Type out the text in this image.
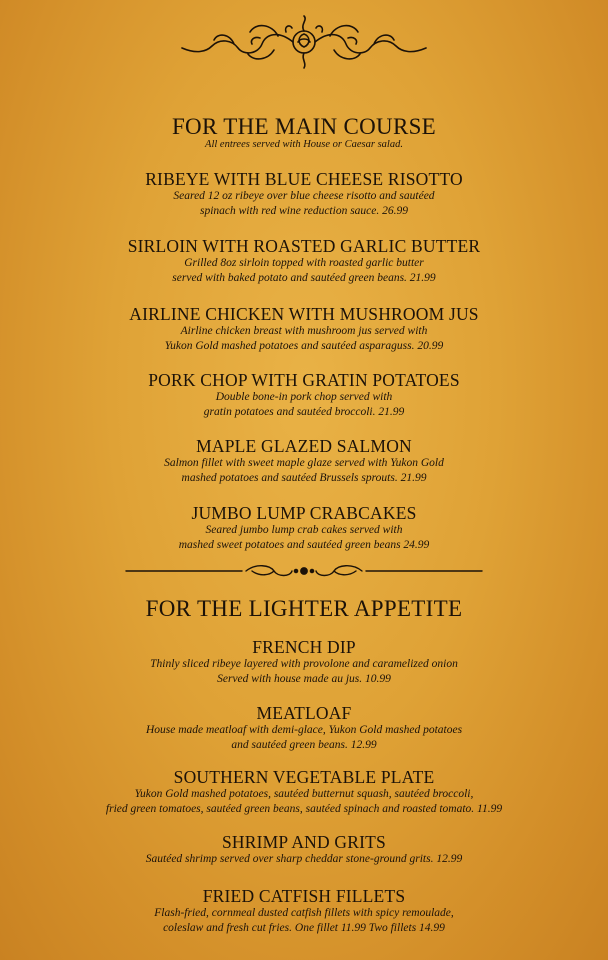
FOR THE MAIN COURSE
All entrees served with House or Caesar salad.
RIBEYE WITH BLUE CHEESE RISOTTO
Seared 12 oz ribeye over blue cheese risotto and sautéed
spinach with red wine reduction sauce. 26.99
SIRLOIN WITH ROASTED GARLIC BUTTER
Grilled 8oz sirloin topped with roasted garlic butter
served with baked potato and sautéed green beans. 21.99
AIRLINE CHICKEN WITH MUSHROOM JUS
Airline chicken breast with mushroom jus served with
Yukon Gold mashed potatoes and sautéed asparaguss. 20.99
PORK CHOP WITH GRATIN POTATOES
Double bone-in pork chop served with
gratin potatoes and sautéed broccoli. 21.99
MAPLE GLAZED SALMON
Salmon fillet with sweet maple glaze served with Yukon Gold
mashed potatoes and sautéed Brussels sprouts. 21.99
JUMBO LUMP CRABCAKES
Seared jumbo lump crab cakes served with
mashed sweet potatoes and sautéed green beans 24.99
FOR THE LIGHTER APPETITE
FRENCH DIP
Thinly sliced ribeye layered with provolone and caramelized onion
Served with house made au jus. 10.99
MEATLOAF
House made meatloaf with demi-glace, Yukon Gold mashed potatoes
and sautéed green beans. 12.99
SOUTHERN VEGETABLE PLATE
Yukon Gold mashed potatoes, sautéed butternut squash, sautéed broccoli,
fried green tomatoes, sautéed green beans, sautéed spinach and roasted tomato. 11.99
SHRIMP AND GRITS
Sautéed shrimp served over sharp cheddar stone-ground grits. 12.99
FRIED CATFISH FILLETS
Flash-fried, cornmeal dusted catfish fillets with spicy remoulade,
coleslaw and fresh cut fries. One fillet 11.99 Two fillets 14.99
